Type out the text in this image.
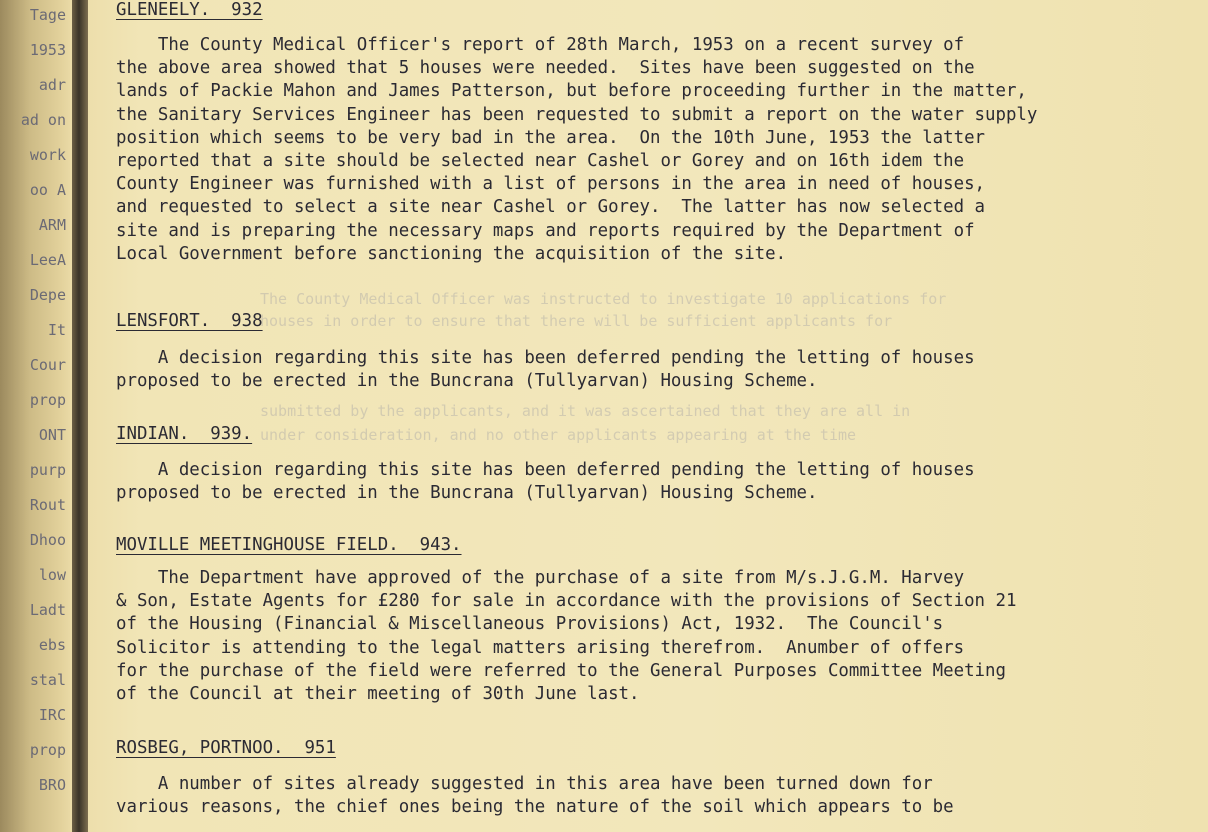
Tage
1953
adr
ad on
work
oo A
ARM
LeeA
Depe
It
Cour
prop
ONT
purp
Rout
Dhoo
low
Ladt
ebs
stal
IRC
prop
BRO
The County Medical Officer was instructed to investigate 10 applications for
houses in order to ensure that there will be sufficient applicants for
submitted by the applicants, and it was ascertained that they are all in
under consideration, and no other applicants appearing at the time
GLENEELY.  932
The County Medical Officer's report of 28th March, 1953 on a recent survey of
the above area showed that 5 houses were needed.  Sites have been suggested on the
lands of Packie Mahon and James Patterson, but before proceeding further in the matter,
the Sanitary Services Engineer has been requested to submit a report on the water supply
position which seems to be very bad in the area.  On the 10th June, 1953 the latter
reported that a site should be selected near Cashel or Gorey and on 16th idem the
County Engineer was furnished with a list of persons in the area in need of houses,
and requested to select a site near Cashel or Gorey.  The latter has now selected a
site and is preparing the necessary maps and reports required by the Department of
Local Government before sanctioning the acquisition of the site.
LENSFORT.  938
A decision regarding this site has been deferred pending the letting of houses
proposed to be erected in the Buncrana (Tullyarvan) Housing Scheme.
INDIAN.  939.
A decision regarding this site has been deferred pending the letting of houses
proposed to be erected in the Buncrana (Tullyarvan) Housing Scheme.
MOVILLE MEETINGHOUSE FIELD.  943.
The Department have approved of the purchase of a site from M/s.J.G.M. Harvey
& Son, Estate Agents for £280 for sale in accordance with the provisions of Section 21
of the Housing (Financial & Miscellaneous Provisions) Act, 1932.  The Council's
Solicitor is attending to the legal matters arising therefrom.  Anumber of offers
for the purchase of the field were referred to the General Purposes Committee Meeting
of the Council at their meeting of 30th June last.
ROSBEG, PORTNOO.  951
A number of sites already suggested in this area have been turned down for
various reasons, the chief ones being the nature of the soil which appears to be
